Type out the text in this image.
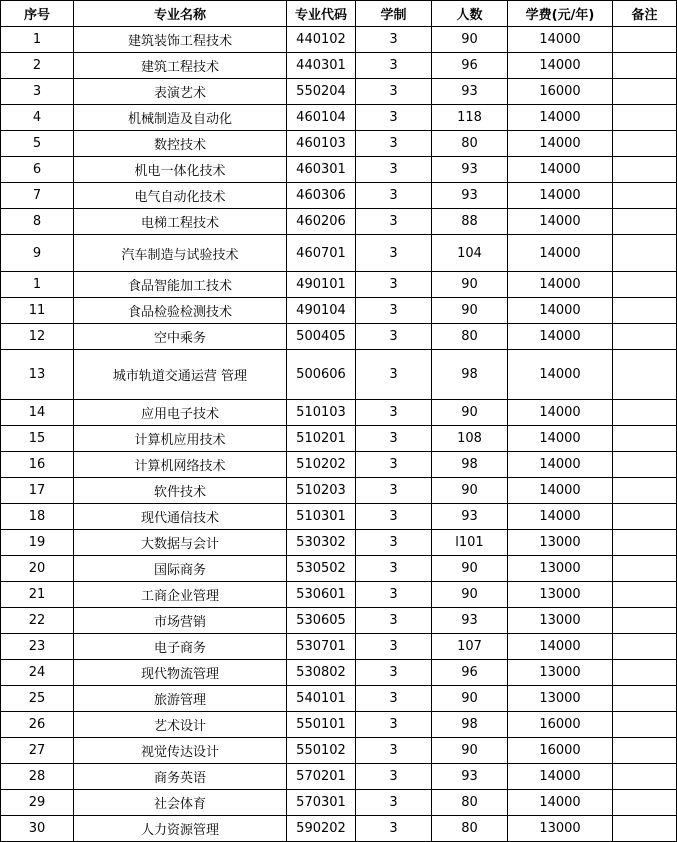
序号	专业名称	专业代码	学制	人数	学费(元/年)	备注
1	建筑装饰工程技术	440102	3	90	14000	
2	建筑工程技术	440301	3	96	14000	
3	表演艺术	550204	3	93	16000	
4	机械制造及自动化	460104	3	118	14000	
5	数控技术	460103	3	80	14000	
6	机电一体化技术	460301	3	93	14000	
7	电气自动化技术	460306	3	93	14000	
8	电梯工程技术	460206	3	88	14000	
9	汽车制造与试验技术	460701	3	104	14000	
1	食品智能加工技术	490101	3	90	14000	
11	食品检验检测技术	490104	3	90	14000	
12	空中乘务	500405	3	80	14000	
13	城市轨道交通运营 管理	500606	3	98	14000	
14	应用电子技术	510103	3	90	14000	
15	计算机应用技术	510201	3	108	14000	
16	计算机网络技术	510202	3	98	14000	
17	软件技术	510203	3	90	14000	
18	现代通信技术	510301	3	93	14000	
19	大数据与会计	530302	3	l101	13000	
20	国际商务	530502	3	90	13000	
21	工商企业管理	530601	3	90	13000	
22	市场营销	530605	3	93	13000	
23	电子商务	530701	3	107	14000	
24	现代物流管理	530802	3	96	13000	
25	旅游管理	540101	3	90	13000	
26	艺术设计	550101	3	98	16000	
27	视觉传达设计	550102	3	90	16000	
28	商务英语	570201	3	93	14000	
29	社会体育	570301	3	80	14000	
30	人力资源管理	590202	3	80	13000	
